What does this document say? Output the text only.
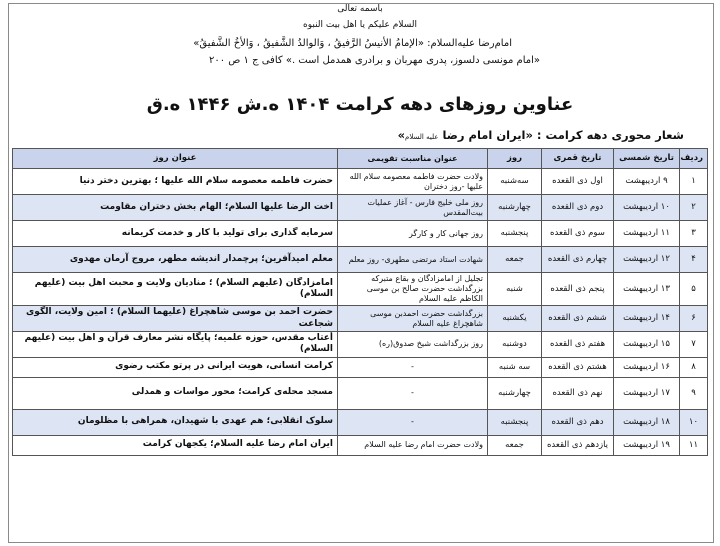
باسمه تعالی
السلام علیکم یا اهل بیت النبوه
امام‌رضا علیه‌السلام: «الإمامُ الأنیسُ الرَّفیقُ ، وَالوالدُ الشَّفیقُ ، وَالأخُ الشَّفیقُ»
«امام مونسی دلسوز، پدری مهربان و برادری همدمل است .» کافی ج ۱ ص ۲۰۰
عناوین روزهای دهه کرامت ۱۴۰۴ ه.ش ۱۴۴۶ ه.ق
شعار محوری دهه کرامت : «ایران امام رضا علیه السلام»
ردیف	تاریخ شمسی	تاریخ قمری	روز	عنوان مناسبت تقویمی	عنوان روز
۱	۹ اردیبهشت	اول ذی القعده	سه‌شنبه	ولادت حضرت فاطمه معصومه سلام الله علیها -روز دختران	حضرت فاطمه معصومه سلام الله علیها ؛ بهترین دختر دنیا
۲	۱۰ اردیبهشت	دوم ذی القعده	چهارشنبه	روز ملی خلیج فارس - آغاز عملیات بیت‌المقدس	اخت الرضا علیها السلام؛ الهام بخش دختران مقاومت
۳	۱۱ اردیبهشت	سوم ذی القعده	پنجشنبه	روز جهانی کار و کارگر	سرمایه گذاری برای تولید با کار و خدمت کریمانه
۴	۱۲ اردیبهشت	چهارم ذی القعده	جمعه	شهادت استاد مرتضی مطهری- روز معلم	معلم امیدآفرین؛ پرچمدار اندیشه مطهر، مروج آرمان مهدوی
۵	۱۳ اردیبهشت	پنجم ذی القعده	شنبه	تجلیل از امامزادگان و بقاع متبرکه بزرگداشت حضرت صالح بن موسی الکاظم علیه السلام	امامزادگان (علیهم السلام) ؛ منادیان ولایت و محبت اهل بیت (علیهم السلام)
۶	۱۴ اردیبهشت	ششم ذی القعده	یکشنبه	بزرگداشت حضرت احمدبن موسی شاهچراغ علیه السلام	حضرت احمد بن موسی شاهچراغ (علیهما السلام) ؛ امین ولایت، الگوی شجاعت
۷	۱۵ اردیبهشت	هفتم ذی القعده	دوشنبه	روز بزرگداشت شیخ صدوق(ره)	أعتاب مقدس، حوزه علمیه؛ پایگاه نشر معارف قرآن و اهل بیت (علیهم السلام)
۸	۱۶ اردیبهشت	هشتم ذی القعده	سه شنبه	-	کرامت انسانی، هویت ایرانی در پرتو مکتب رضوی
۹	۱۷ اردیبهشت	نهم ذی القعده	چهارشنبه	-	مسجد محله‌ی کرامت؛ محور مواسات و همدلی
۱۰	۱۸ اردیبهشت	دهم ذی القعده	پنجشنبه	-	سلوک انقلابی؛ هم عهدی با شهیدان، همراهی با مظلومان
۱۱	۱۹ اردیبهشت	یازدهم ذی القعده	جمعه	ولادت حضرت امام رضا علیه السلام	ایران امام رضا علیه السلام؛ یکجهان کرامت
